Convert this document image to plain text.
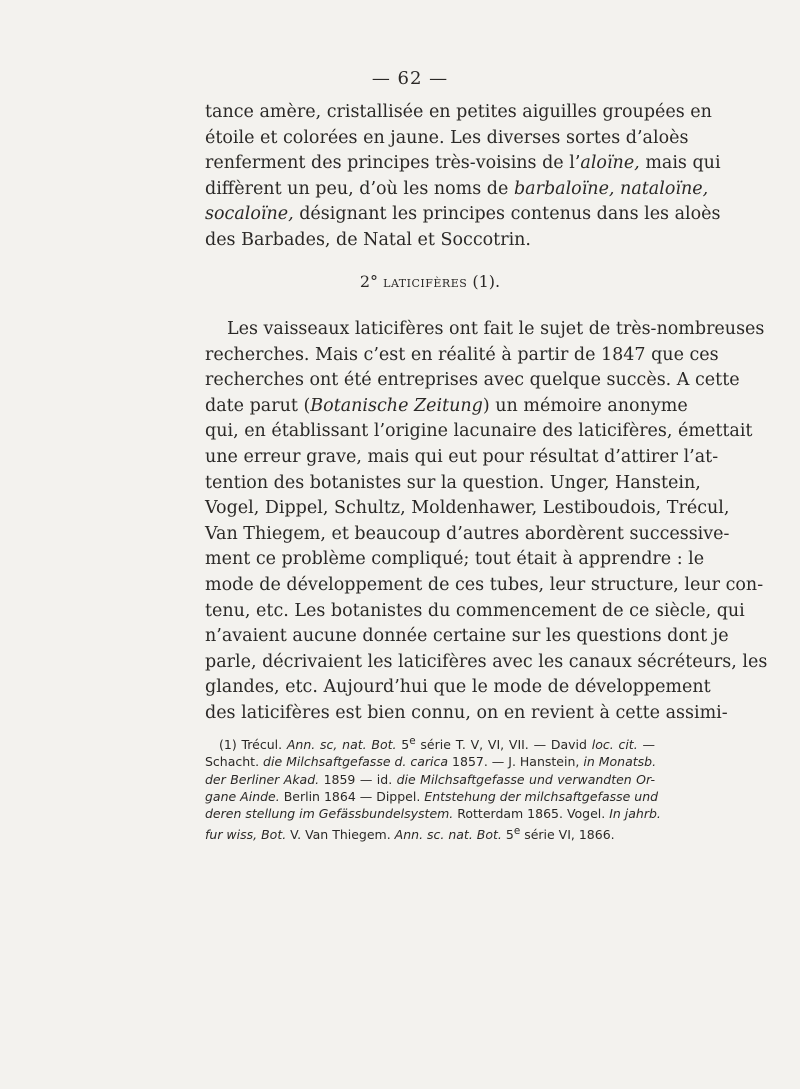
— 62 —
tance amère, cristallisée en petites aiguilles groupées en
étoile et colorées en jaune. Les diverses sortes d’aloès
renferment des principes très-voisins de l’aloïne, mais qui
diffèrent un peu, d’où les noms de barbaloïne, nataloïne,
socaloïne, désignant les principes contenus dans les aloès
des Barbades, de Natal et Soccotrin.
2° laticifères (1).
Les vaisseaux laticifères ont fait le sujet de très-nombreuses
recherches. Mais c’est en réalité à partir de 1847 que ces
recherches ont été entreprises avec quelque succès. A cette
date parut (Botanische Zeitung) un mémoire anonyme
qui, en établissant l’origine lacunaire des laticifères, émettait
une erreur grave, mais qui eut pour résultat d’attirer l’at-
tention des botanistes sur la question. Unger, Hanstein,
Vogel, Dippel, Schultz, Moldenhawer, Lestiboudois, Trécul,
Van Thiegem, et beaucoup d’autres abordèrent successive-
ment ce problème compliqué; tout était à apprendre : le
mode de développement de ces tubes, leur structure, leur con-
tenu, etc. Les botanistes du commencement de ce siècle, qui
n’avaient aucune donnée certaine sur les questions dont je
parle, décrivaient les laticifères avec les canaux sécréteurs, les
glandes, etc. Aujourd’hui que le mode de développement
des laticifères est bien connu, on en revient à cette assimi-
(1) Trécul. Ann. sc, nat. Bot. 5e série T. V, VI, VII. — David loc. cit. —
Schacht. die Milchsaftgefasse d. carica 1857. — J. Hanstein, in Monatsb.
der Berliner Akad. 1859 — id. die Milchsaftgefasse und verwandten Or-
gane Ainde. Berlin 1864 — Dippel. Entstehung der milchsaftgefasse und
deren stellung im Gefässbundelsystem. Rotterdam 1865. Vogel. In jahrb.
fur wiss, Bot. V. Van Thiegem. Ann. sc. nat. Bot. 5e série VI, 1866.
